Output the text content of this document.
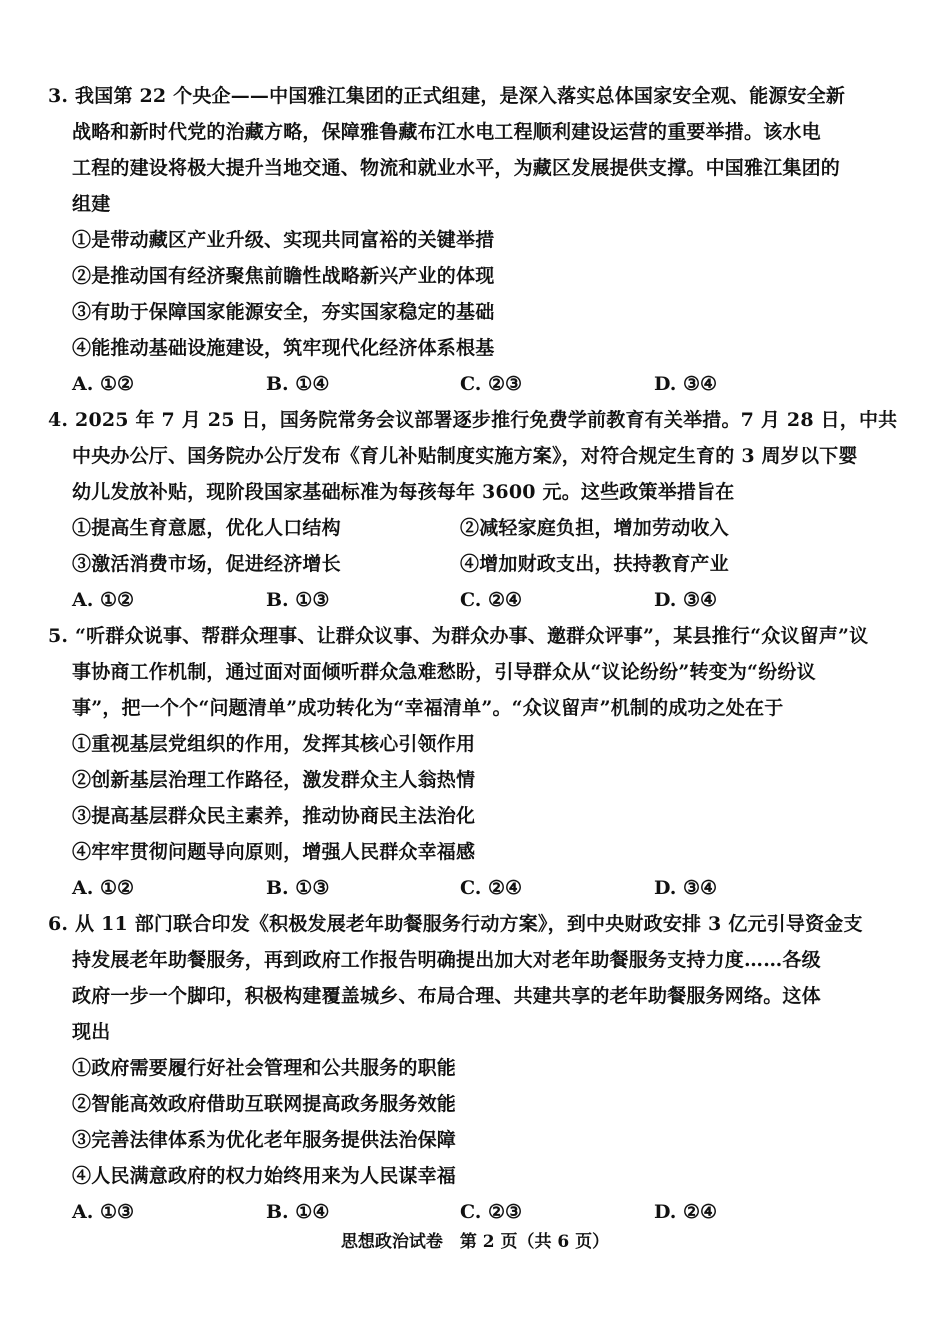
3. 我国第 22 个央企——中国雅江集团的正式组建，是深入落实总体国家安全观、能源安全新
战略和新时代党的治藏方略，保障雅鲁藏布江水电工程顺利建设运营的重要举措。该水电
工程的建设将极大提升当地交通、物流和就业水平，为藏区发展提供支撑。中国雅江集团的
组建
①是带动藏区产业升级、实现共同富裕的关键举措
②是推动国有经济聚焦前瞻性战略新兴产业的体现
③有助于保障国家能源安全，夯实国家稳定的基础
④能推动基础设施建设，筑牢现代化经济体系根基
A. ①②	B. ①④	C. ②③	D. ③④
4. 2025 年 7 月 25 日，国务院常务会议部署逐步推行免费学前教育有关举措。7 月 28 日，中共
中央办公厅、国务院办公厅发布《育儿补贴制度实施方案》，对符合规定生育的 3 周岁以下婴
幼儿发放补贴，现阶段国家基础标准为每孩每年 3600 元。这些政策举措旨在
①提高生育意愿，优化人口结构	②减轻家庭负担，增加劳动收入
③激活消费市场，促进经济增长	④增加财政支出，扶持教育产业
A. ①②	B. ①③	C. ②④	D. ③④
5. “听群众说事、帮群众理事、让群众议事、为群众办事、邀群众评事”，某县推行“众议留声”议
事协商工作机制，通过面对面倾听群众急难愁盼，引导群众从“议论纷纷”转变为“纷纷议
事”，把一个个“问题清单”成功转化为“幸福清单”。“众议留声”机制的成功之处在于
①重视基层党组织的作用，发挥其核心引领作用
②创新基层治理工作路径，激发群众主人翁热情
③提高基层群众民主素养，推动协商民主法治化
④牢牢贯彻问题导向原则，增强人民群众幸福感
A. ①②	B. ①③	C. ②④	D. ③④
6. 从 11 部门联合印发《积极发展老年助餐服务行动方案》，到中央财政安排 3 亿元引导资金支
持发展老年助餐服务，再到政府工作报告明确提出加大对老年助餐服务支持力度……各级
政府一步一个脚印，积极构建覆盖城乡、布局合理、共建共享的老年助餐服务网络。这体
现出
①政府需要履行好社会管理和公共服务的职能
②智能高效政府借助互联网提高政务服务效能
③完善法律体系为优化老年服务提供法治保障
④人民满意政府的权力始终用来为人民谋幸福
A. ①③	B. ①④	C. ②③	D. ②④
思想政治试卷　第 2 页（共 6 页）
